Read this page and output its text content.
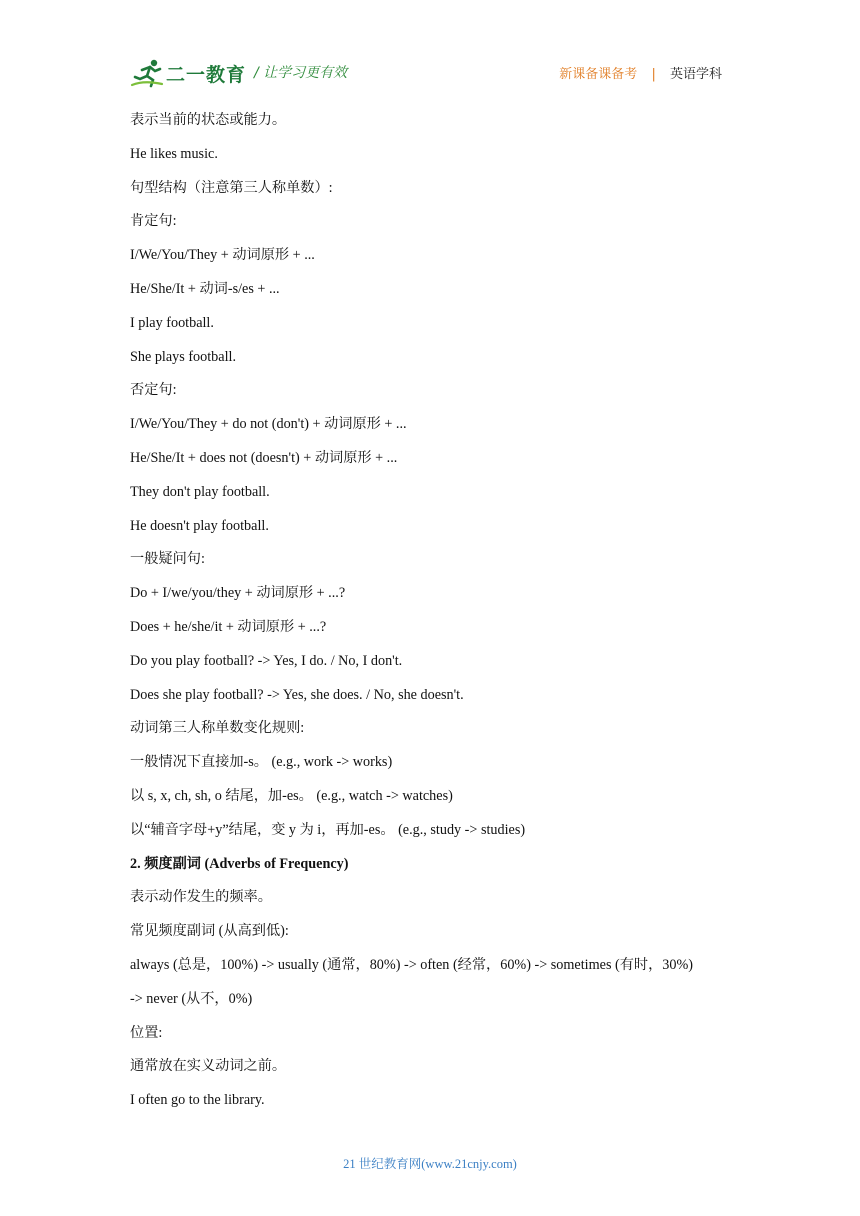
二一教育 / 让学习更有效	新课备课备考 | 英语学科
表示当前的状态或能力。
He likes music.
句型结构（注意第三人称单数）:
肯定句:
I/We/You/They + 动词原形 + ...
He/She/It + 动词-s/es + ...
I play football.
She plays football.
否定句:
I/We/You/They + do not (don't) + 动词原形 + ...
He/She/It + does not (doesn't) + 动词原形 + ...
They don't play football.
He doesn't play football.
一般疑问句:
Do + I/we/you/they + 动词原形 + ...?
Does + he/she/it + 动词原形 + ...?
Do you play football? -> Yes, I do. / No, I don't.
Does she play football? -> Yes, she does. / No, she doesn't.
动词第三人称单数变化规则:
一般情况下直接加-s。 (e.g., work -> works)
以 s, x, ch, sh, o 结尾，加-es。 (e.g., watch -> watches)
以“辅音字母+y”结尾，变 y 为 i，再加-es。 (e.g., study -> studies)
2. 频度副词 (Adverbs of Frequency)
表示动作发生的频率。
常见频度副词 (从高到低):
always (总是，100%) -> usually (通常，80%) -> often (经常，60%) -> sometimes (有时，30%)
-> never (从不，0%)
位置:
通常放在实义动词之前。
I often go to the library.
21 世纪教育网(www.21cnjy.com)
